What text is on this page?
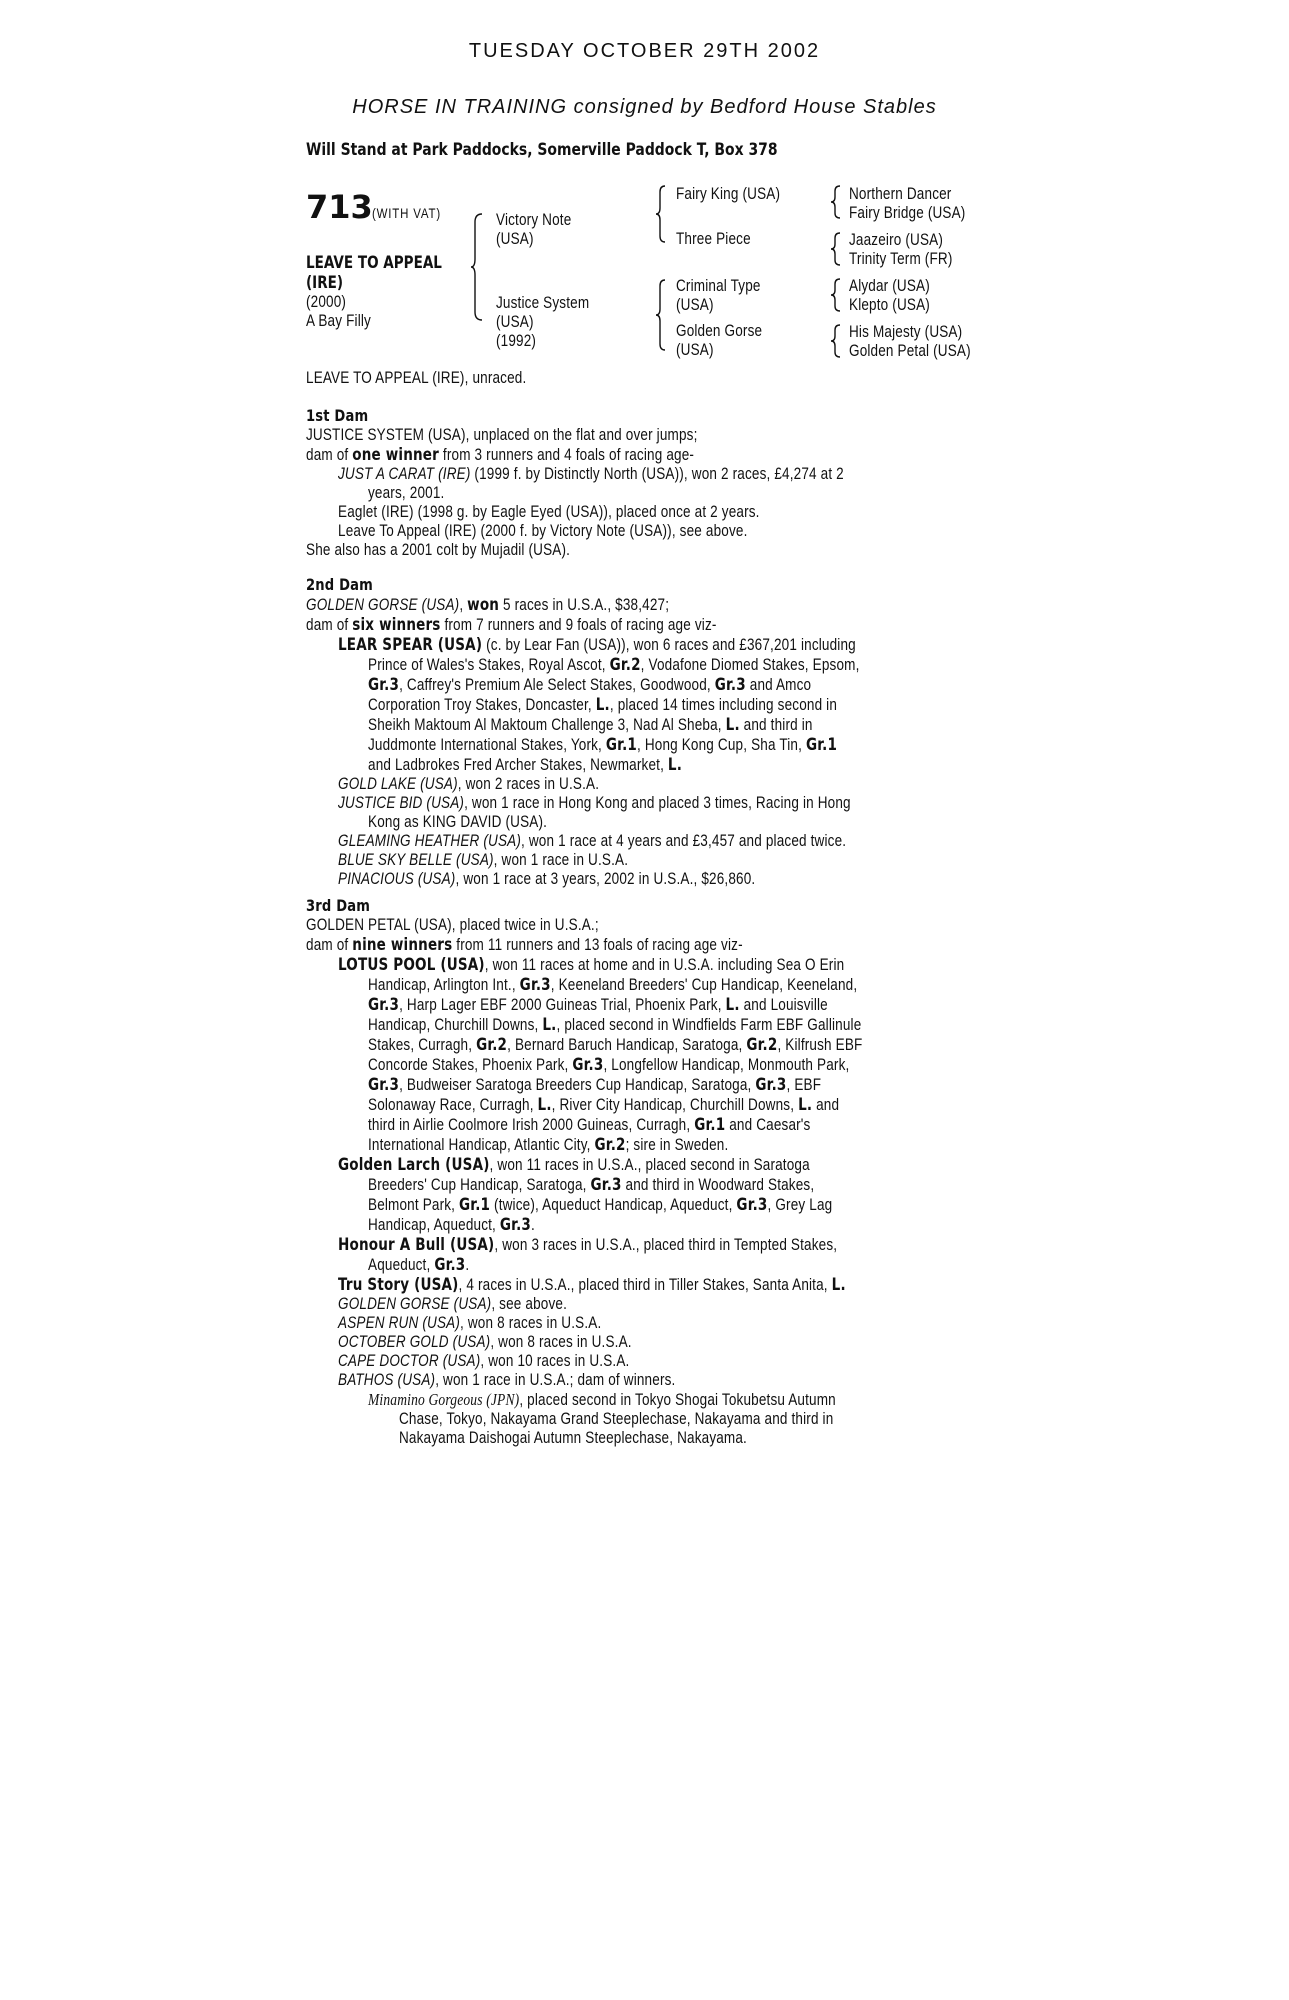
TUESDAY OCTOBER 29TH 2002
HORSE IN TRAINING consigned by Bedford House Stables
Will Stand at Park Paddocks, Somerville Paddock T, Box 378
713 (WITH VAT)
LEAVE TO APPEAL
(IRE)
(2000)
A Bay Filly
Victory Note
(USA)
Justice System
(USA)
(1992)
Fairy King (USA)
Three Piece
Criminal Type
(USA)
Golden Gorse
(USA)
Northern Dancer
Fairy Bridge (USA)
Jaazeiro (USA)
Trinity Term (FR)
Alydar (USA)
Klepto (USA)
His Majesty (USA)
Golden Petal (USA)
LEAVE TO APPEAL (IRE), unraced.
1st Dam
JUSTICE SYSTEM (USA), unplaced on the flat and over jumps;
dam of one winner from 3 runners and 4 foals of racing age-
JUST A CARAT (IRE) (1999 f. by Distinctly North (USA)), won 2 races, £4,274 at 2
years, 2001.
Eaglet (IRE) (1998 g. by Eagle Eyed (USA)), placed once at 2 years.
Leave To Appeal (IRE) (2000 f. by Victory Note (USA)), see above.
She also has a 2001 colt by Mujadil (USA).
2nd Dam
GOLDEN GORSE (USA), won 5 races in U.S.A., $38,427;
dam of six winners from 7 runners and 9 foals of racing age viz-
LEAR SPEAR (USA) (c. by Lear Fan (USA)), won 6 races and £367,201 including
Prince of Wales's Stakes, Royal Ascot, Gr.2, Vodafone Diomed Stakes, Epsom,
Gr.3, Caffrey's Premium Ale Select Stakes, Goodwood, Gr.3 and Amco
Corporation Troy Stakes, Doncaster, L., placed 14 times including second in
Sheikh Maktoum Al Maktoum Challenge 3, Nad Al Sheba, L. and third in
Juddmonte International Stakes, York, Gr.1, Hong Kong Cup, Sha Tin, Gr.1
and Ladbrokes Fred Archer Stakes, Newmarket, L.
GOLD LAKE (USA), won 2 races in U.S.A.
JUSTICE BID (USA), won 1 race in Hong Kong and placed 3 times, Racing in Hong
Kong as KING DAVID (USA).
GLEAMING HEATHER (USA), won 1 race at 4 years and £3,457 and placed twice.
BLUE SKY BELLE (USA), won 1 race in U.S.A.
PINACIOUS (USA), won 1 race at 3 years, 2002 in U.S.A., $26,860.
3rd Dam
GOLDEN PETAL (USA), placed twice in U.S.A.;
dam of nine winners from 11 runners and 13 foals of racing age viz-
LOTUS POOL (USA), won 11 races at home and in U.S.A. including Sea O Erin
Handicap, Arlington Int., Gr.3, Keeneland Breeders' Cup Handicap, Keeneland,
Gr.3, Harp Lager EBF 2000 Guineas Trial, Phoenix Park, L. and Louisville
Handicap, Churchill Downs, L., placed second in Windfields Farm EBF Gallinule
Stakes, Curragh, Gr.2, Bernard Baruch Handicap, Saratoga, Gr.2, Kilfrush EBF
Concorde Stakes, Phoenix Park, Gr.3, Longfellow Handicap, Monmouth Park,
Gr.3, Budweiser Saratoga Breeders Cup Handicap, Saratoga, Gr.3, EBF
Solonaway Race, Curragh, L., River City Handicap, Churchill Downs, L. and
third in Airlie Coolmore Irish 2000 Guineas, Curragh, Gr.1 and Caesar's
International Handicap, Atlantic City, Gr.2; sire in Sweden.
Golden Larch (USA), won 11 races in U.S.A., placed second in Saratoga
Breeders' Cup Handicap, Saratoga, Gr.3 and third in Woodward Stakes,
Belmont Park, Gr.1 (twice), Aqueduct Handicap, Aqueduct, Gr.3, Grey Lag
Handicap, Aqueduct, Gr.3.
Honour A Bull (USA), won 3 races in U.S.A., placed third in Tempted Stakes,
Aqueduct, Gr.3.
Tru Story (USA), 4 races in U.S.A., placed third in Tiller Stakes, Santa Anita, L.
GOLDEN GORSE (USA), see above.
ASPEN RUN (USA), won 8 races in U.S.A.
OCTOBER GOLD (USA), won 8 races in U.S.A.
CAPE DOCTOR (USA), won 10 races in U.S.A.
BATHOS (USA), won 1 race in U.S.A.; dam of winners.
Minamino Gorgeous (JPN), placed second in Tokyo Shogai Tokubetsu Autumn
Chase, Tokyo, Nakayama Grand Steeplechase, Nakayama and third in
Nakayama Daishogai Autumn Steeplechase, Nakayama.
